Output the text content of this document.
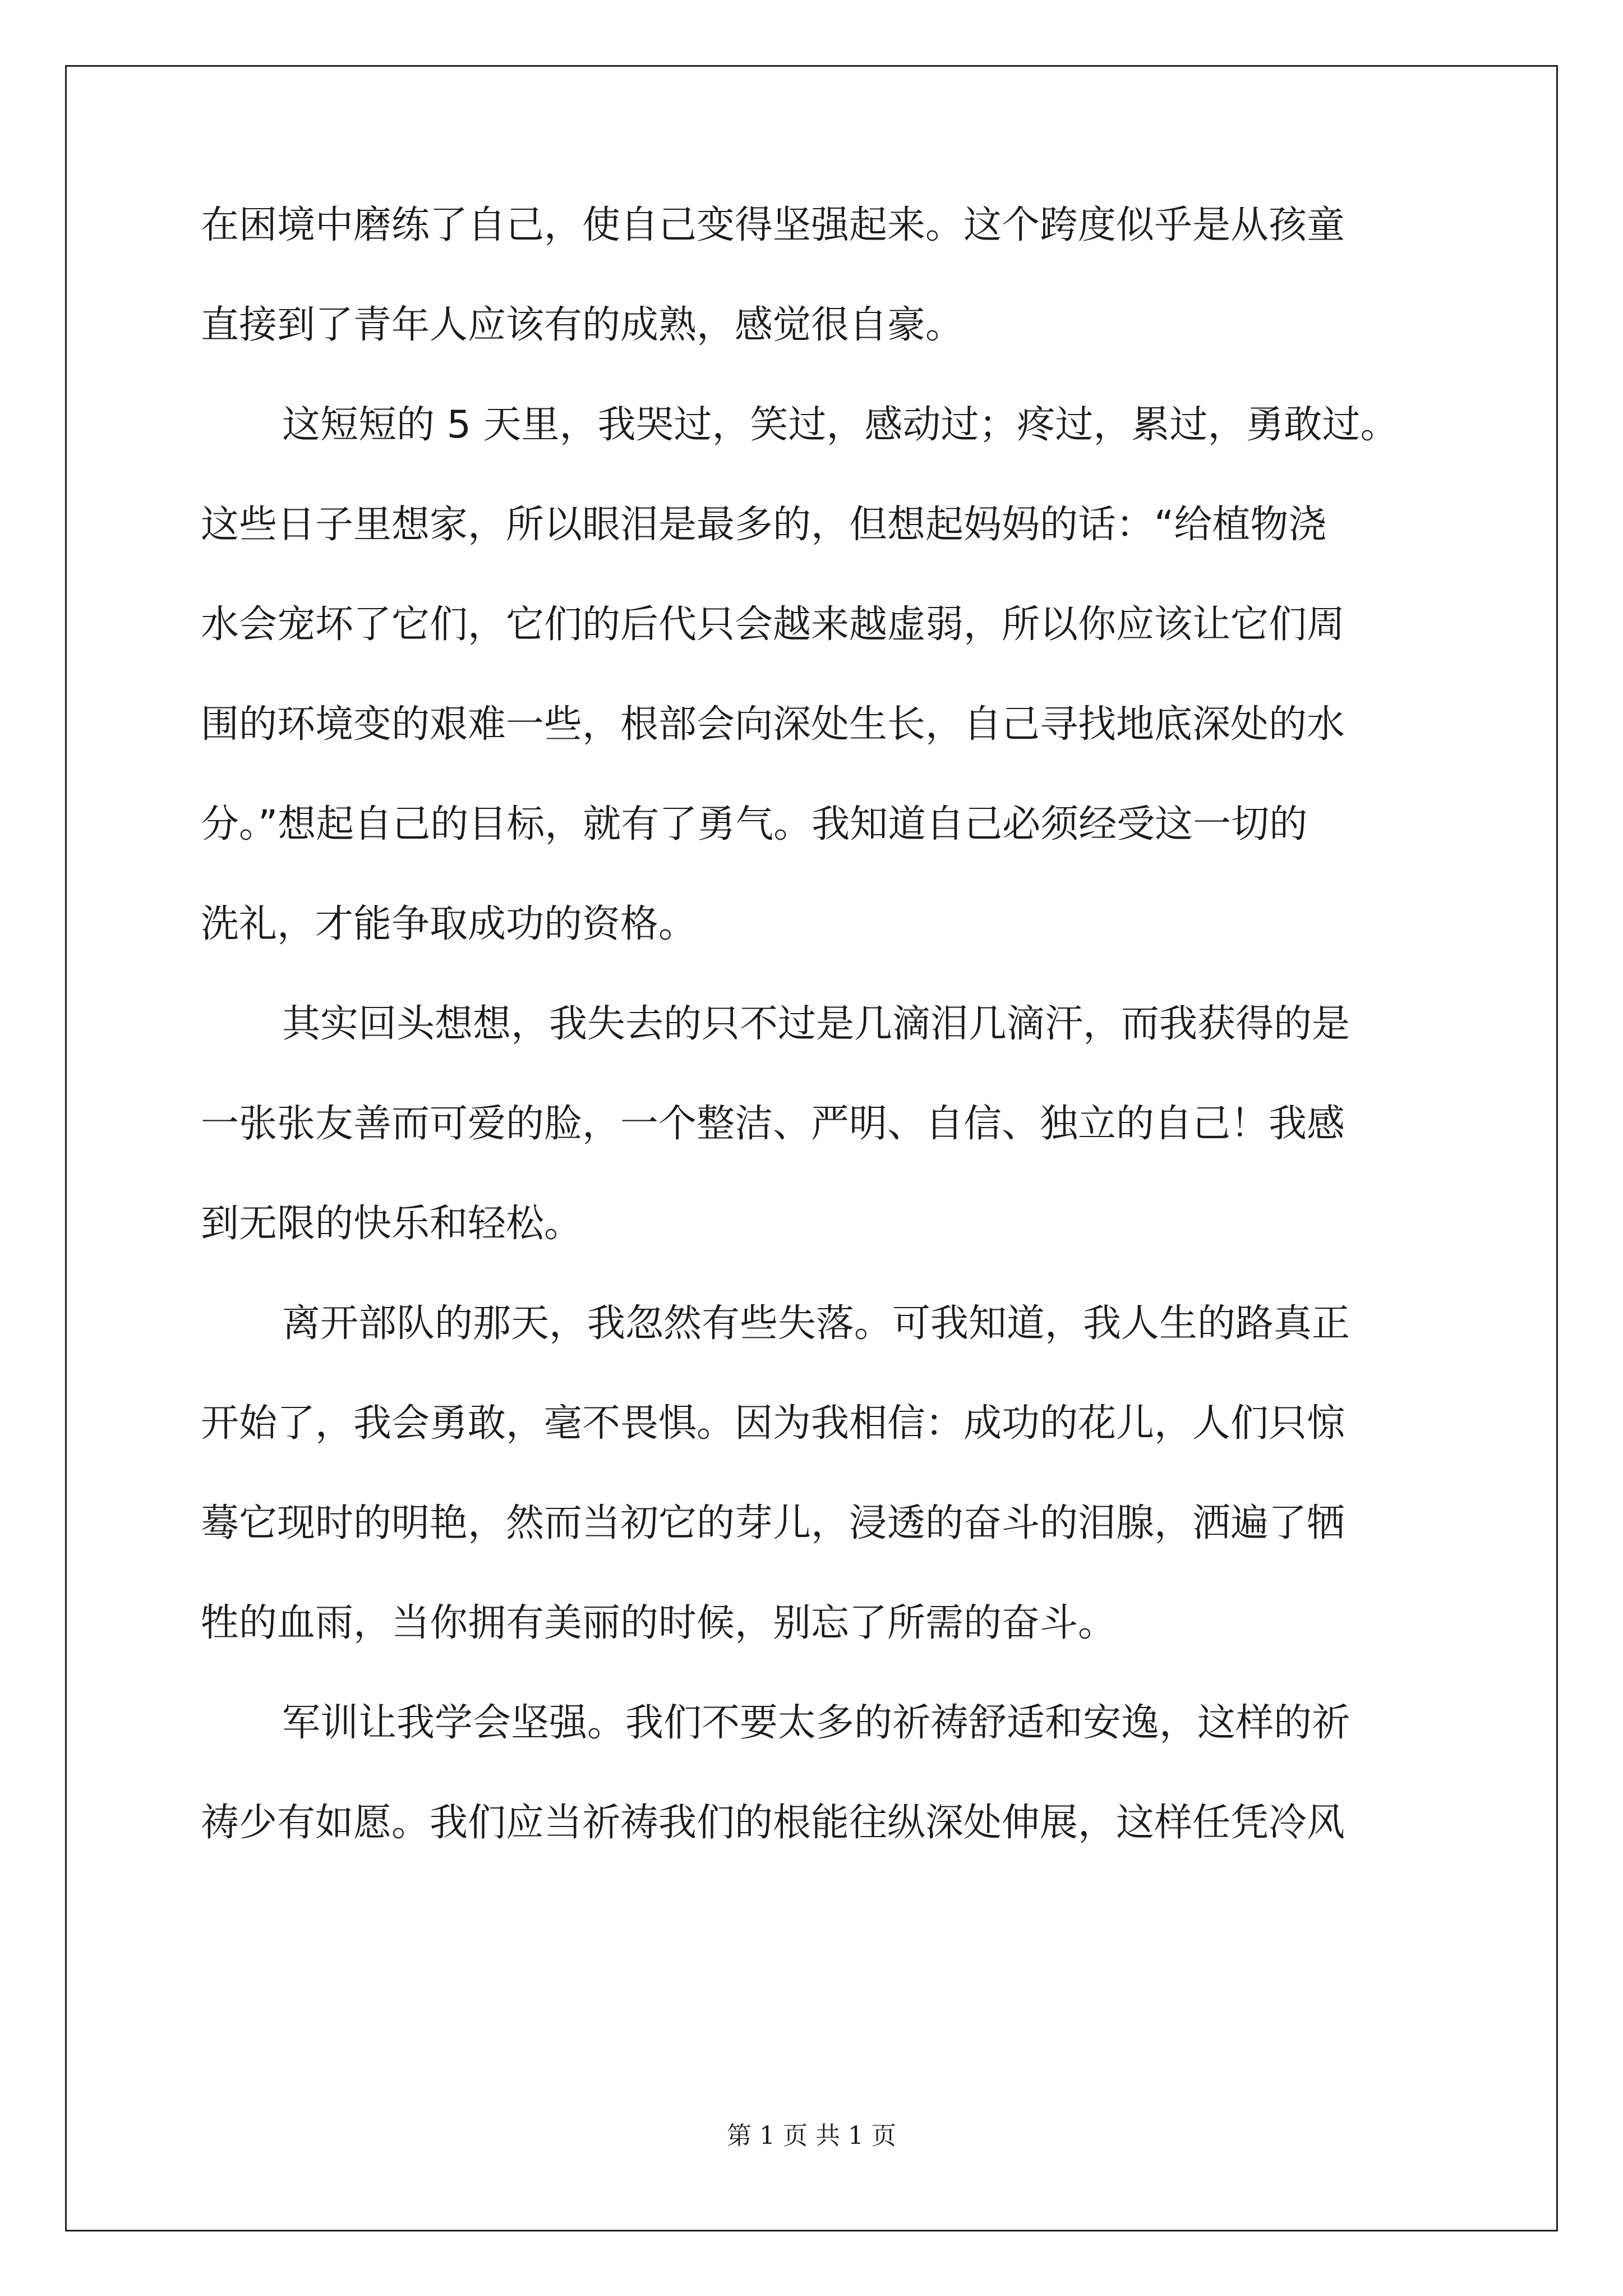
在困境中磨练了自己，使自己变得坚强起来。这个跨度似乎是从孩童
直接到了青年人应该有的成熟，感觉很自豪。
这短短的 5 天里，我哭过，笑过，感动过；疼过，累过，勇敢过。
这些日子里想家，所以眼泪是最多的，但想起妈妈的话：“给植物浇
水会宠坏了它们，它们的后代只会越来越虚弱，所以你应该让它们周
围的环境变的艰难一些，根部会向深处生长，自己寻找地底深处的水
分。”想起自己的目标，就有了勇气。我知道自己必须经受这一切的
洗礼，才能争取成功的资格。
其实回头想想，我失去的只不过是几滴泪几滴汗，而我获得的是
一张张友善而可爱的脸，一个整洁、严明、自信、独立的自己！我感
到无限的快乐和轻松。
离开部队的那天，我忽然有些失落。可我知道，我人生的路真正
开始了，我会勇敢，毫不畏惧。因为我相信：成功的花儿，人们只惊
蓦它现时的明艳，然而当初它的芽儿，浸透的奋斗的泪腺，洒遍了牺
牲的血雨，当你拥有美丽的时候，别忘了所需的奋斗。
军训让我学会坚强。我们不要太多的祈祷舒适和安逸，这样的祈
祷少有如愿。我们应当祈祷我们的根能往纵深处伸展，这样任凭冷风
第 1 页 共 1 页
